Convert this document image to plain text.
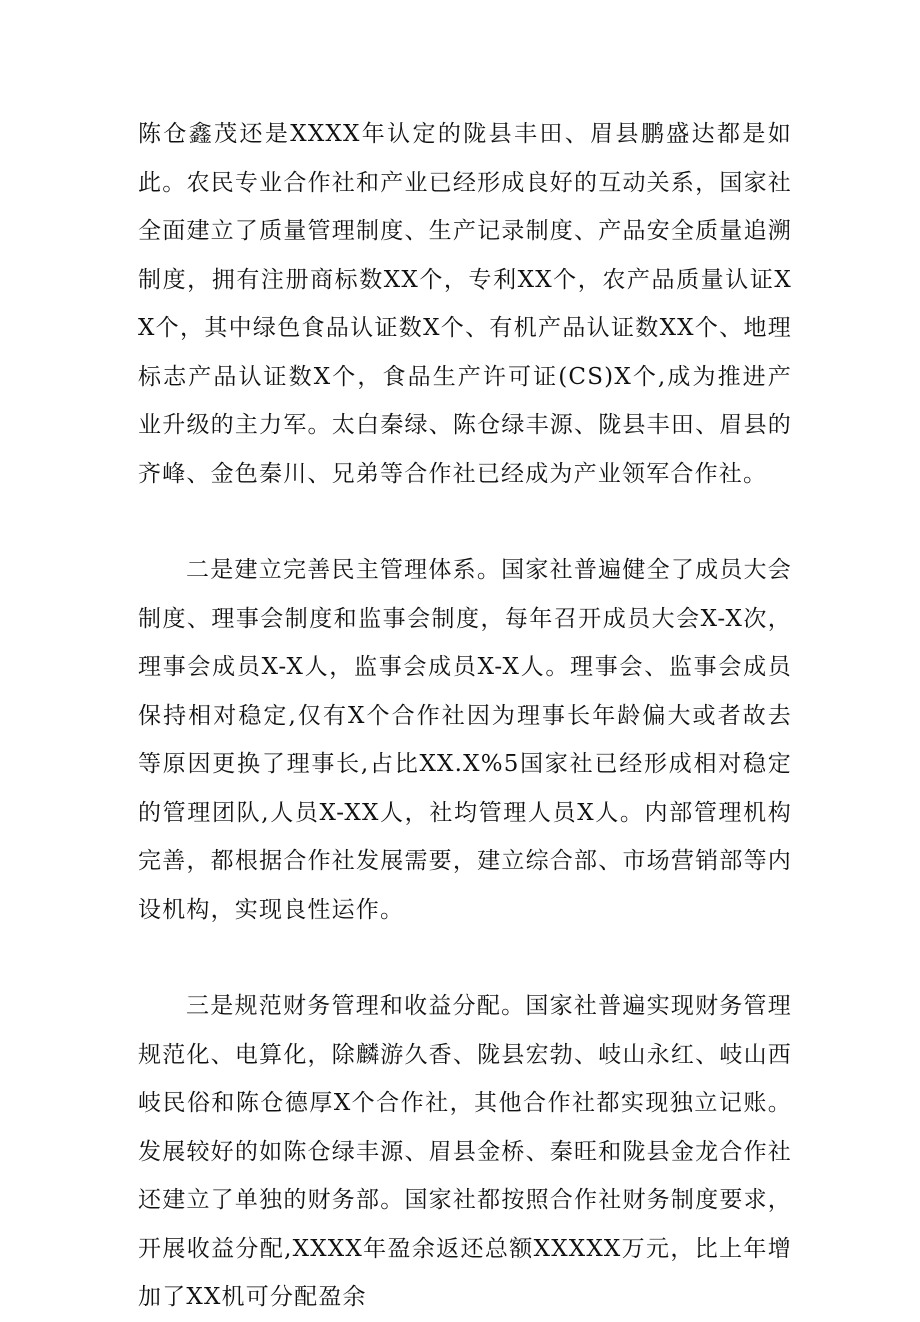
陈仓鑫茂还是XXXX年认定的陇县丰田、眉县鹏盛达都是如此。农民专业合作社和产业已经形成良好的互动关系，国家社全面建立了质量管理制度、生产记录制度、产品安全质量追溯制度，拥有注册商标数XX个，专利XX个，农产品质量认证XX个，其中绿色食品认证数X个、有机产品认证数XX个、地理标志产品认证数X个，食品生产许可证(CS)X个,成为推进产业升级的主力军。太白秦绿、陈仓绿丰源、陇县丰田、眉县的齐峰、金色秦川、兄弟等合作社已经成为产业领军合作社。

二是建立完善民主管理体系。国家社普遍健全了成员大会制度、理事会制度和监事会制度，每年召开成员大会X-X次，理事会成员X-X人，监事会成员X-X人。理事会、监事会成员保持相对稳定,仅有X个合作社因为理事长年龄偏大或者故去等原因更换了理事长,占比XX.X%5国家社已经形成相对稳定的管理团队,人员X-XX人，社均管理人员X人。内部管理机构完善，都根据合作社发展需要，建立综合部、市场营销部等内设机构，实现良性运作。

三是规范财务管理和收益分配。国家社普遍实现财务管理规范化、电算化，除麟游久香、陇县宏勃、岐山永红、岐山西岐民俗和陈仓德厚X个合作社，其他合作社都实现独立记账。发展较好的如陈仓绿丰源、眉县金桥、秦旺和陇县金龙合作社还建立了单独的财务部。国家社都按照合作社财务制度要求，开展收益分配,XXXX年盈余返还总额XXXXX万元，比上年增加了XX机可分配盈余
